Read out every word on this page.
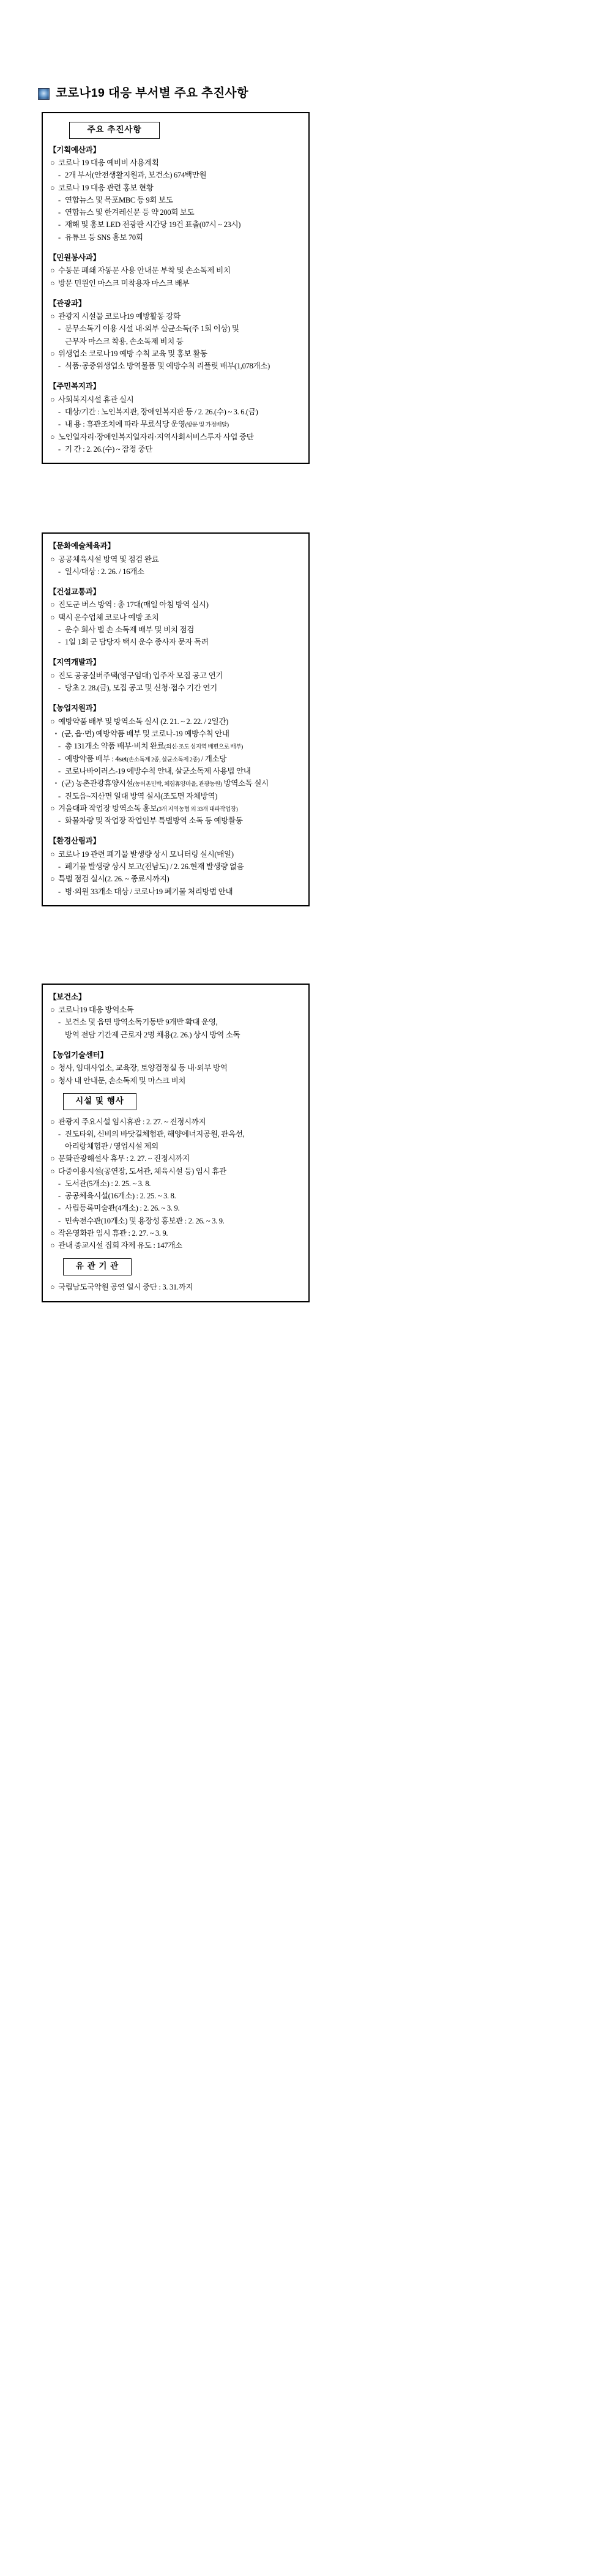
코로나19 대응 부서별 주요 추진사항
주요 추진사항
【기획예산과】
○ 코로나 19 대응 예비비 사용계획
- 2개 부서(안전생활지원과, 보건소) 674백만원
○ 코로나 19 대응 관련 홍보 현황
- 연합뉴스 및 목포MBC 등 9회 보도
- 연합뉴스 및 한겨레신문 등 약 200회 보도
- 재해 및 홍보 LED 전광판 시간당 19건 표출(07시 ~ 23시)
- 유튜브 등 SNS 홍보 70회
【민원봉사과】
○ 수동문 폐쇄 자동문 사용 안내문 부착 및 손소독제 비치
○ 방문 민원인 마스크 미착용자 마스크 배부
【관광과】
○ 관광지 시설물 코로나19 예방활동 강화
- 분무소독기 이용 시설 내·외부 살균소독(주 1회 이상) 및
근무자 마스크 착용, 손소독제 비치 등
○ 위생업소 코로나19 예방 수칙 교육 및 홍보 활동
- 식품·공중위생업소 방역물품 및 예방수칙 리플릿 배부(1,078개소)
【주민복지과】
○ 사회복지시설 휴관 실시
- 대상/기간 : 노인복지관, 장애인복지관 등 / 2. 26.(수) ~ 3. 6.(금)
- 내 용 : 휴관조치에 따라 무료식당 운영(방문 및 가정배달)
○ 노인일자리·장애인복지일자리·지역사회서비스투자 사업 중단
- 기 간 : 2. 26.(수) ~ 잠정 중단
【문화예술체육과】
○ 공공체육시설 방역 및 점검 완료
- 일시/대상 : 2. 26. / 16개소
【건설교통과】
○ 진도군 버스 방역 : 총 17대(매일 아침 방역 실시)
○ 택시 운수업체 코로나 예방 조치
- 운수 회사 별 손 소독제 배부 및 비치 점검
- 1일 1회 군 담당자 택시 운수 종사자 문자 독려
【지역개발과】
○ 진도 공공실버주택(영구임대) 입주자 모집 공고 연기
- 당초 2. 28.(금), 모집 공고 및 신청·접수 기간 연기
【농업지원과】
○ 예방약품 배부 및 방역소독 실시 (2. 21. ~ 2. 22. / 2일간)
▪ (군, 읍·면) 예방약품 배부 및 코로나-19 예방수칙 안내
- 총 131개소 약품 배부·비치 완료(의신·조도 섬지역 배편으로 배부)
- 예방약품 배부 : 4set(손소독제 2종, 살균소독제 2종) / 개소당
- 코로나바이러스-19 예방수칙 안내, 살균소독제 사용법 안내
▪ (군) 농촌관광휴양시설(농어촌민박, 체험휴양마을, 관광농원) 방역소독 실시
- 진도읍~지산면 일대 방역 실시(조도면 자체방역)
○ 겨울대파 작업장 방역소독 홍보(3개 지역농협 외 33개 대파작업장)
- 화물차량 및 작업장 작업인부 특별방역 소독 등 예방활동
【환경산림과】
○ 코로나 19 관련 폐기물 발생량 상시 모니터링 실시(매일)
- 폐기물 발생량 상시 보고(전남도) / 2. 26.현재 발생량 없음
○ 특별 점검 실시(2. 26. ~ 종료시까지)
- 병·의원 33개소 대상 / 코로나19 폐기물 처리방법 안내
【보건소】
○ 코로나19 대응 방역소독
- 보건소 및 읍면 방역소독기동반 9개반 확대 운영,
방역 전담 기간제 근로자 2명 채용(2. 26.) 상시 방역 소독
【농업기술센터】
○ 청사, 임대사업소, 교육장, 토양검정실 등 내·외부 방역
○ 청사 내 안내문, 손소독제 및 마스크 비치
시설 및 행사
○ 관광지 주요시설 임시휴관 : 2. 27. ~ 진정시까지
- 진도타워, 신비의 바닷길체험관, 해양에너지공원, 관옥선,
아리랑체험관 / 영업시설 제외
○ 문화관광해설사 휴무 : 2. 27. ~ 진정시까지
○ 다중이용시설(공연장, 도서관, 체육시설 등) 임시 휴관
- 도서관(5개소) : 2. 25. ~ 3. 8.
- 공공체육시설(16개소) : 2. 25. ~ 3. 8.
- 사립등록미술관(4개소) : 2. 26. ~ 3. 9.
- 민속전수관(10개소) 및 용장성 홍보관 : 2. 26. ~ 3. 9.
○ 작은영화관 임시 휴관 : 2. 27. ~ 3. 9.
○ 관내 종교시설 집회 자제 유도 : 147개소
유 관 기 관
○ 국립남도국악원 공연 일시 중단 : 3. 31.까지
